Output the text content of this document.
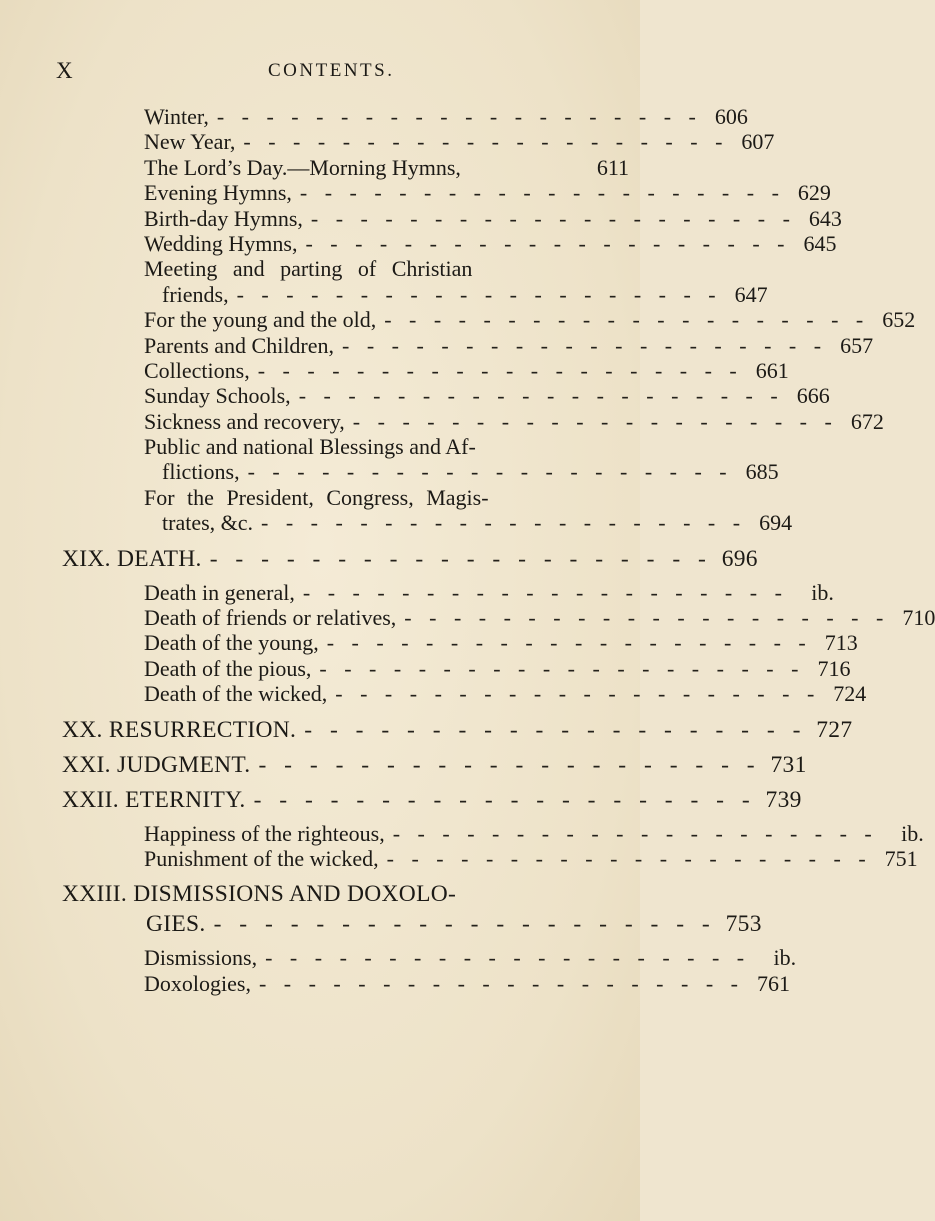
X	CONTENTS.
Winter, - - - - - - - - - - - - - - - - - - - - 606
New Year, - - - - - - - - - - - - - - - - - - - - 607
The Lord’s Day.—Morning Hymns,	611
Evening Hymns, - - - - - - - - - - - - - - - - - - - - 629
Birth-day Hymns, - - - - - - - - - - - - - - - - - - - - 643
Wedding Hymns, - - - - - - - - - - - - - - - - - - - - 645
Meeting and parting of Christian
friends, - - - - - - - - - - - - - - - - - - - - 647
For the young and the old, - - - - - - - - - - - - - - - - - - - - 652
Parents and Children, - - - - - - - - - - - - - - - - - - - - 657
Collections, - - - - - - - - - - - - - - - - - - - - 661
Sunday Schools, - - - - - - - - - - - - - - - - - - - - 666
Sickness and recovery, - - - - - - - - - - - - - - - - - - - - 672
Public and national Blessings and Af-
flictions, - - - - - - - - - - - - - - - - - - - - 685
For the President, Congress, Magis-
trates, &c. - - - - - - - - - - - - - - - - - - - - 694
XIX. DEATH. - - - - - - - - - - - - - - - - - - - - 696
Death in general, - - - - - - - - - - - - - - - - - - - -	ib.
Death of friends or relatives, - - - - - - - - - - - - - - - - - - - - 710
Death of the young, - - - - - - - - - - - - - - - - - - - - 713
Death of the pious, - - - - - - - - - - - - - - - - - - - - 716
Death of the wicked, - - - - - - - - - - - - - - - - - - - - 724
XX. RESURRECTION. - - - - - - - - - - - - - - - - - - - - 727
XXI. JUDGMENT. - - - - - - - - - - - - - - - - - - - - 731
XXII. ETERNITY. - - - - - - - - - - - - - - - - - - - - 739
Happiness of the righteous, - - - - - - - - - - - - - - - - - - - -	ib.
Punishment of the wicked, - - - - - - - - - - - - - - - - - - - - 751
XXIII. DISMISSIONS AND DOXOLO-
GIES. - - - - - - - - - - - - - - - - - - - - 753
Dismissions, - - - - - - - - - - - - - - - - - - - -	ib.
Doxologies, - - - - - - - - - - - - - - - - - - - - 761
